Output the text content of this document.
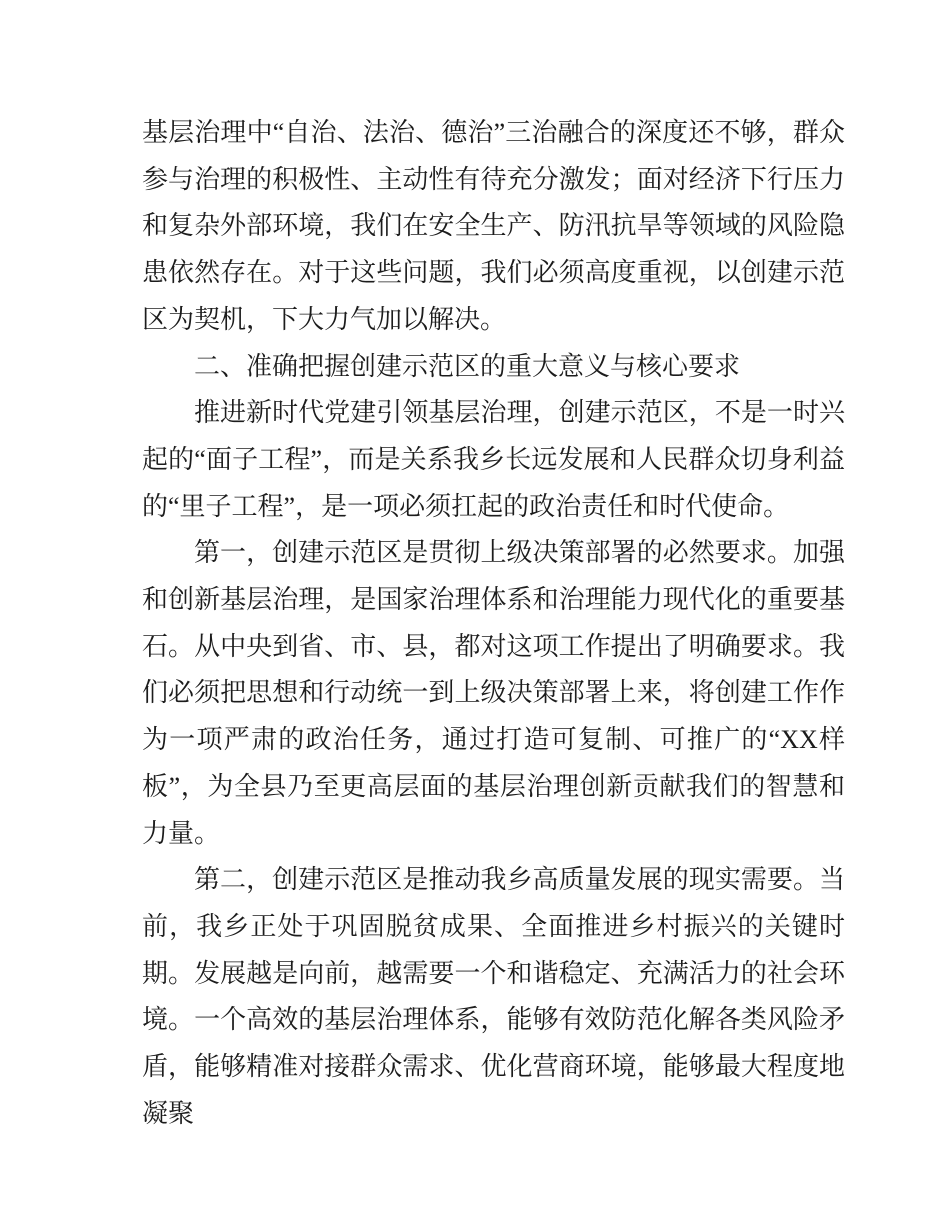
基层治理中“自治、法治、德治”三治融合的深度还不够，群众参与治理的积极性、主动性有待充分激发；面对经济下行压力和复杂外部环境，我们在安全生产、防汛抗旱等领域的风险隐患依然存在。对于这些问题，我们必须高度重视，以创建示范区为契机，下大力气加以解决。

二、准确把握创建示范区的重大意义与核心要求

推进新时代党建引领基层治理，创建示范区，不是一时兴起的“面子工程”，而是关系我乡长远发展和人民群众切身利益的“里子工程”，是一项必须扛起的政治责任和时代使命。

第一，创建示范区是贯彻上级决策部署的必然要求。加强和创新基层治理，是国家治理体系和治理能力现代化的重要基石。从中央到省、市、县，都对这项工作提出了明确要求。我们必须把思想和行动统一到上级决策部署上来，将创建工作作为一项严肃的政治任务，通过打造可复制、可推广的“XX样板”，为全县乃至更高层面的基层治理创新贡献我们的智慧和力量。

第二，创建示范区是推动我乡高质量发展的现实需要。当前，我乡正处于巩固脱贫成果、全面推进乡村振兴的关键时期。发展越是向前，越需要一个和谐稳定、充满活力的社会环境。一个高效的基层治理体系，能够有效防范化解各类风险矛盾，能够精准对接群众需求、优化营商环境，能够最大程度地凝聚
